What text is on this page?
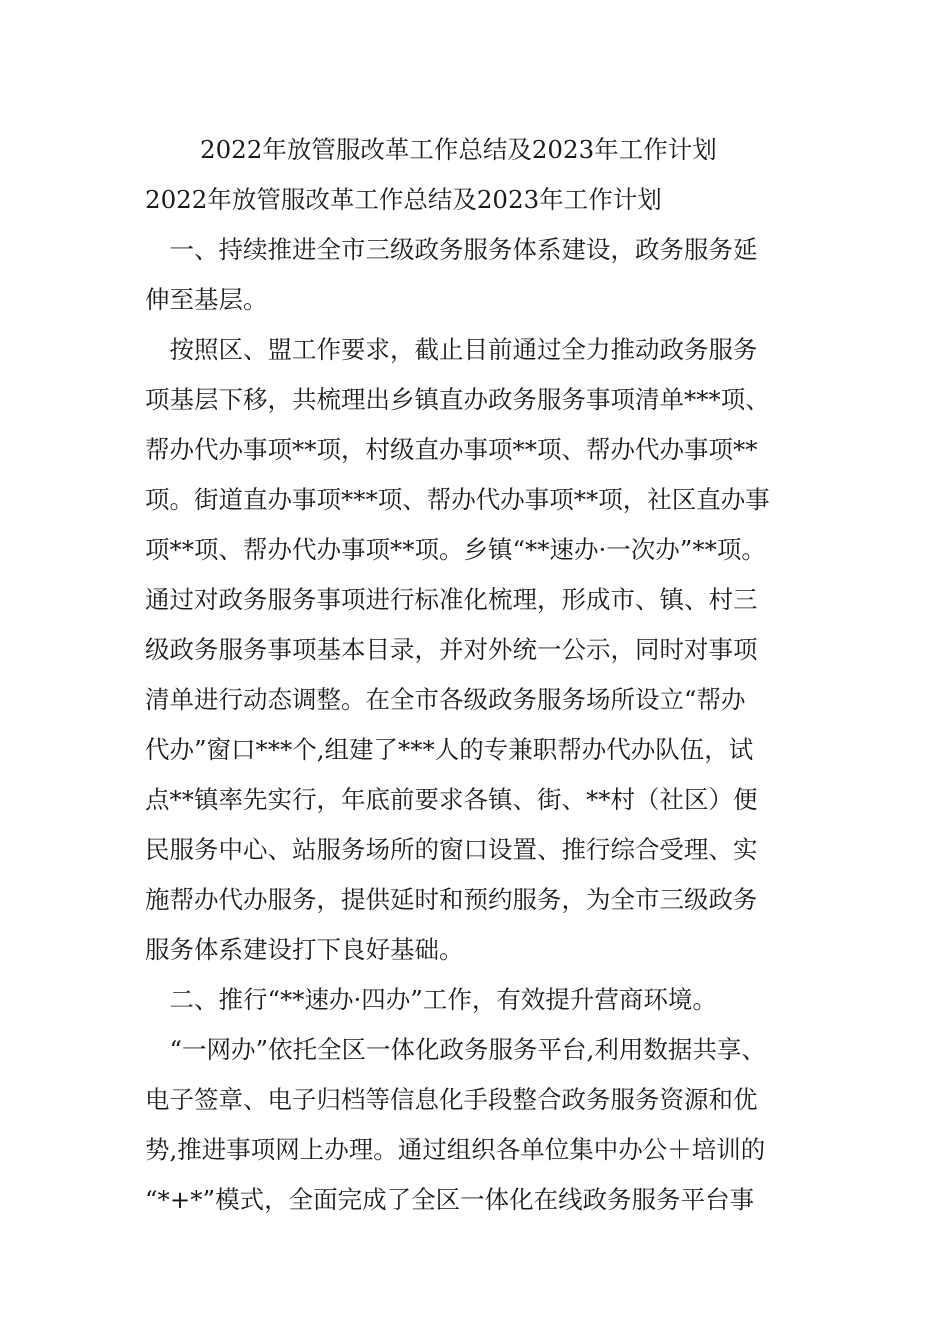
2022年放管服改革工作总结及2023年工作计划

2022年放管服改革工作总结及2023年工作计划

　一、持续推进全市三级政务服务体系建设，政务服务延

伸至基层。

　按照区、盟工作要求，截止目前通过全力推动政务服务

项基层下移，共梳理出乡镇直办政务服务事项清单***项、

帮办代办事项**项，村级直办事项**项、帮办代办事项**

项。街道直办事项***项、帮办代办事项**项，社区直办事

项**项、帮办代办事项**项。乡镇“**速办·一次办”**项。

通过对政务服务事项进行标准化梳理，形成市、镇、村三

级政务服务事项基本目录，并对外统一公示，同时对事项

清单进行动态调整。在全市各级政务服务场所设立“帮办

代办”窗口***个,组建了***人的专兼职帮办代办队伍，试

点**镇率先实行，年底前要求各镇、街、**村（社区）便

民服务中心、站服务场所的窗口设置、推行综合受理、实

施帮办代办服务，提供延时和预约服务，为全市三级政务

服务体系建设打下良好基础。

　二、推行“**速办·四办”工作，有效提升营商环境。

　“一网办”依托全区一体化政务服务平台,利用数据共享、

电子签章、电子归档等信息化手段整合政务服务资源和优

势,推进事项网上办理。通过组织各单位集中办公＋培训的

“*+*”模式，全面完成了全区一体化在线政务服务平台事
